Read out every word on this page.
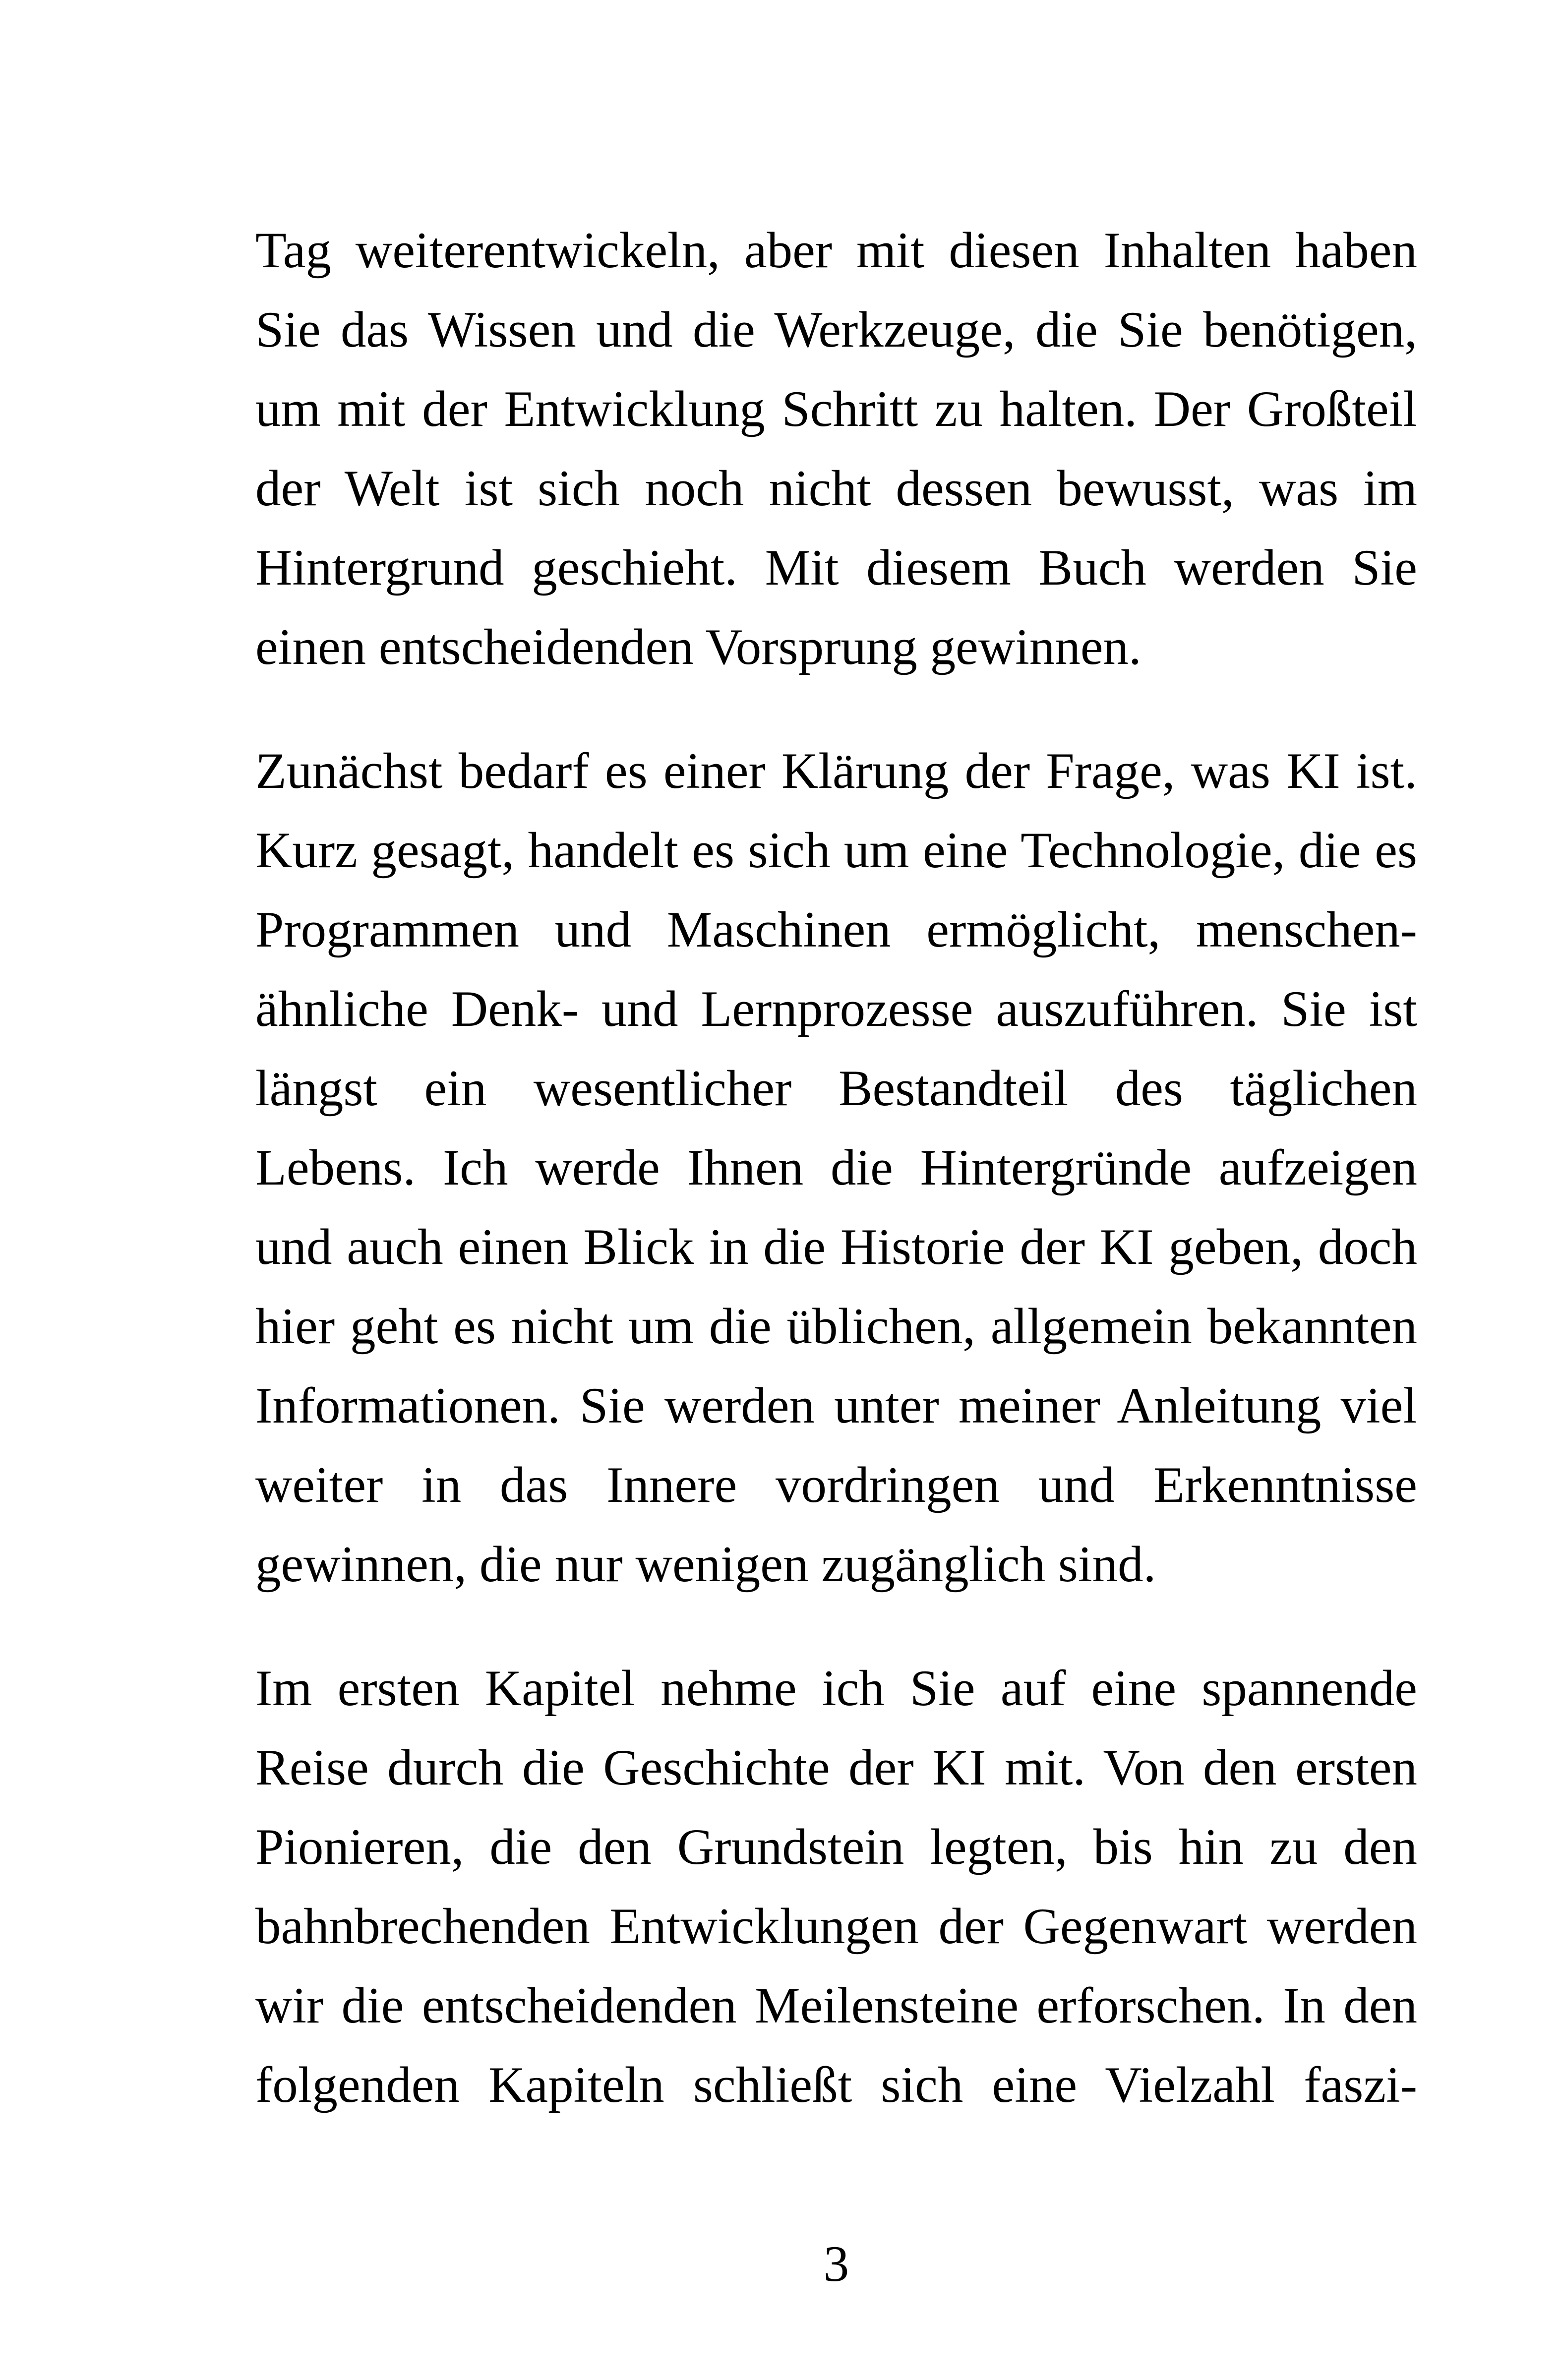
Tag weiterentwickeln, aber mit diesen Inhalten haben
Sie das Wissen und die Werkzeuge, die Sie benötigen,
um mit der Entwicklung Schritt zu halten. Der Großteil
der Welt ist sich noch nicht dessen bewusst, was im
Hintergrund geschieht. Mit diesem Buch werden Sie
einen entscheidenden Vorsprung gewinnen.
Zunächst bedarf es einer Klärung der Frage, was KI ist.
Kurz gesagt, handelt es sich um eine Technologie, die es
Programmen und Maschinen ermöglicht, menschen-
ähnliche Denk- und Lernprozesse auszuführen. Sie ist
längst ein wesentlicher Bestandteil des täglichen
Lebens. Ich werde Ihnen die Hintergründe aufzeigen
und auch einen Blick in die Historie der KI geben, doch
hier geht es nicht um die üblichen, allgemein bekannten
Informationen. Sie werden unter meiner Anleitung viel
weiter in das Innere vordringen und Erkenntnisse
gewinnen, die nur wenigen zugänglich sind.
Im ersten Kapitel nehme ich Sie auf eine spannende
Reise durch die Geschichte der KI mit. Von den ersten
Pionieren, die den Grundstein legten, bis hin zu den
bahnbrechenden Entwicklungen der Gegenwart werden
wir die entscheidenden Meilensteine erforschen. In den
folgenden Kapiteln schließt sich eine Vielzahl faszi-
3
